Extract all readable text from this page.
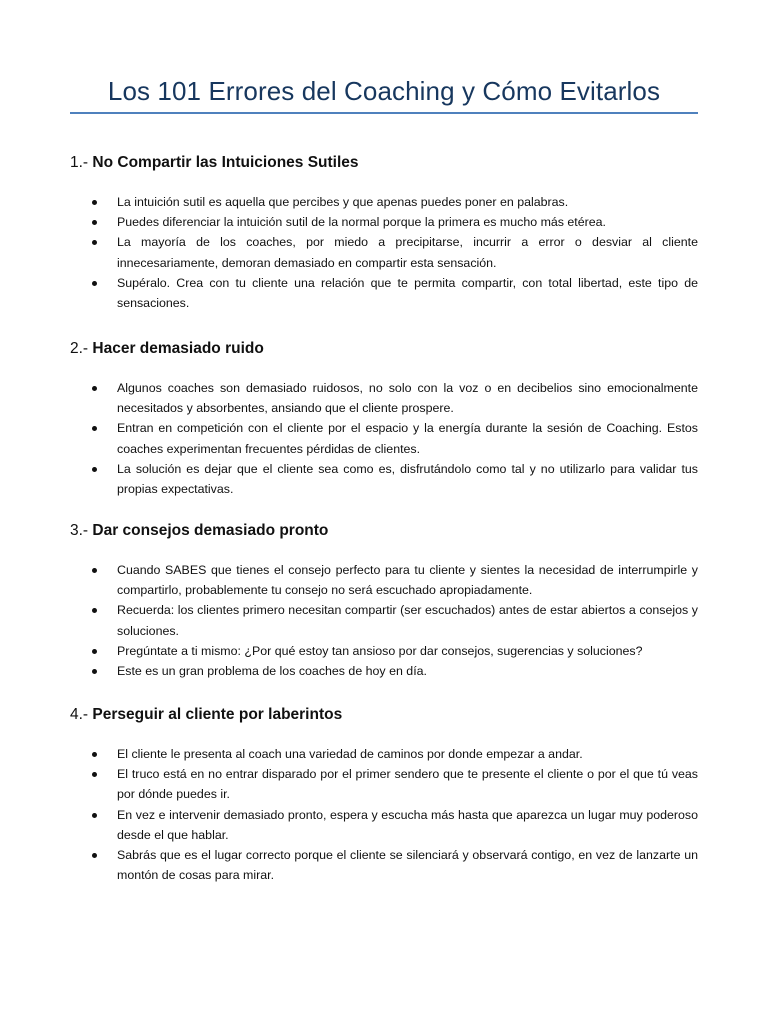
Los 101 Errores del Coaching y Cómo Evitarlos
1.- No Compartir las Intuiciones Sutiles
La intuición sutil es aquella que percibes y que apenas puedes poner en palabras.
Puedes diferenciar la intuición sutil de la normal porque la primera es mucho más etérea.
La mayoría de los coaches, por miedo a precipitarse, incurrir a error o desviar al cliente innecesariamente, demoran demasiado en compartir esta sensación.
Supéralo. Crea con tu cliente una relación que te permita compartir, con total libertad, este tipo de sensaciones.
2.- Hacer demasiado ruido
Algunos coaches son demasiado ruidosos, no solo con la voz o en decibelios sino emocionalmente necesitados y absorbentes, ansiando que el cliente prospere.
Entran en competición con el cliente por el espacio y la energía durante la sesión de Coaching. Estos coaches experimentan frecuentes pérdidas de clientes.
La solución es dejar que el cliente sea como es, disfrutándolo como tal y no utilizarlo para validar tus propias expectativas.
3.- Dar consejos demasiado pronto
Cuando SABES que tienes el consejo perfecto para tu cliente y sientes la necesidad de interrumpirle y compartirlo, probablemente tu consejo no será escuchado apropiadamente.
Recuerda: los clientes primero necesitan compartir (ser escuchados) antes de estar abiertos a consejos y soluciones.
Pregúntate a ti mismo: ¿Por qué estoy tan ansioso por dar consejos, sugerencias y soluciones?
Este es un gran problema de los coaches de hoy en día.
4.- Perseguir al cliente por laberintos
El cliente le presenta al coach una variedad de caminos por donde empezar a andar.
El truco está en no entrar disparado por el primer sendero que te presente el cliente o por el que tú veas por dónde puedes ir.
En vez e intervenir demasiado pronto, espera y escucha más hasta que aparezca un lugar muy poderoso desde el que hablar.
Sabrás que es el lugar correcto porque el cliente se silenciará y observará contigo, en vez de lanzarte un montón de cosas para mirar.
